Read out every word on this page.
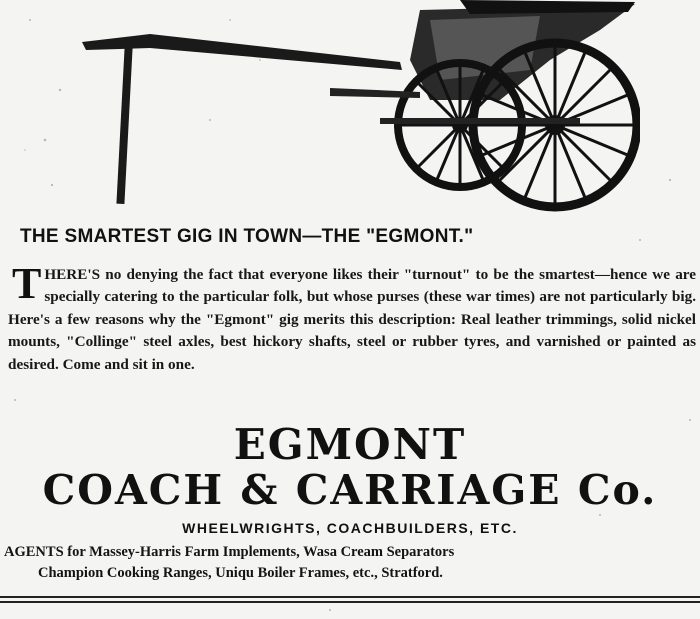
THE SMARTEST GIG IN TOWN—THE "EGMONT."
T HERE'S no denying the fact that everyone likes their "turnout" to be the smartest—hence we are specially catering to the particular folk, but whose purses (these war times) are not particularly big. Here's a few reasons why the "Egmont" gig merits this description: Real leather trimmings, solid nickel mounts, "Collinge" steel axles, best hickory shafts, steel or rubber tyres, and varnished or painted as desired. Come and sit in one.
EGMONT
COACH & CARRIAGE Co.
WHEELWRIGHTS, COACHBUILDERS, ETC.
AGENTS for Massey-Harris Farm Implements, Wasa Cream Separators
Champion Cooking Ranges, Uniqu Boiler Frames, etc., Stratford.
